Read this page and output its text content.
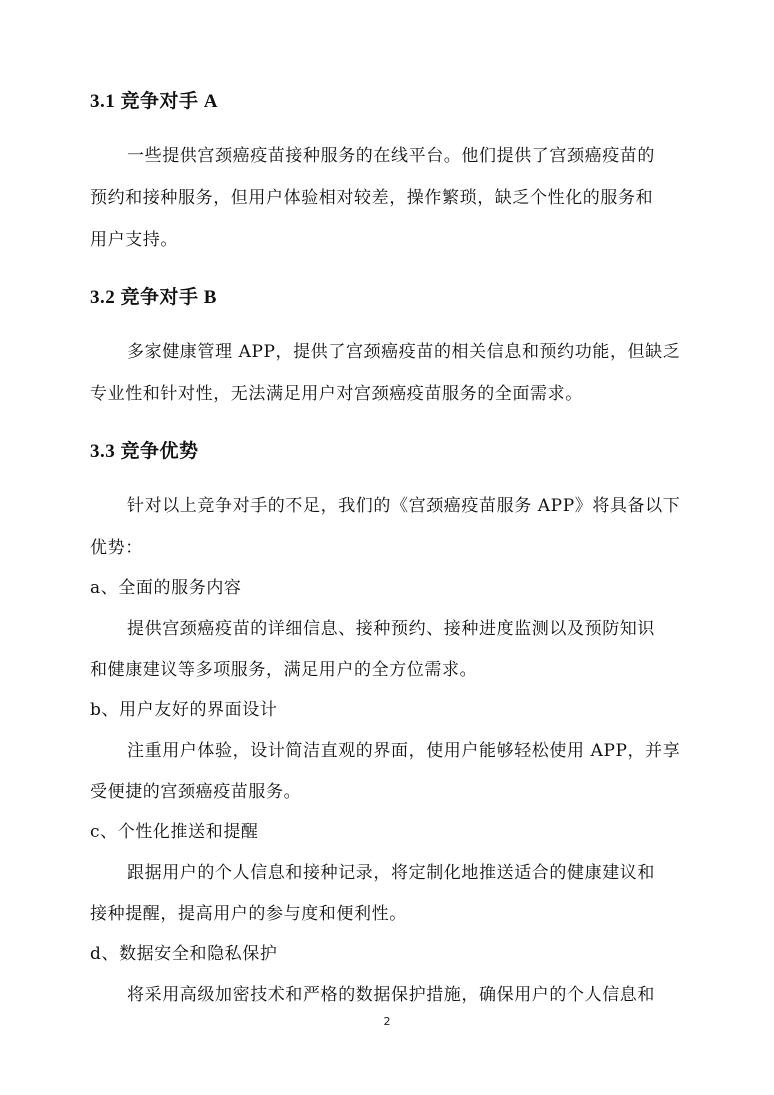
3.1 竞争对手 A
一些提供宫颈癌疫苗接种服务的在线平台。他们提供了宫颈癌疫苗的
预约和接种服务，但用户体验相对较差，操作繁琐，缺乏个性化的服务和
用户支持。
3.2 竞争对手 B
多家健康管理 APP，提供了宫颈癌疫苗的相关信息和预约功能，但缺乏
专业性和针对性，无法满足用户对宫颈癌疫苗服务的全面需求。
3.3 竞争优势
针对以上竞争对手的不足，我们的《宫颈癌疫苗服务 APP》将具备以下
优势：
a、全面的服务内容
提供宫颈癌疫苗的详细信息、接种预约、接种进度监测以及预防知识
和健康建议等多项服务，满足用户的全方位需求。
b、用户友好的界面设计
注重用户体验，设计简洁直观的界面，使用户能够轻松使用 APP，并享
受便捷的宫颈癌疫苗服务。
c、个性化推送和提醒
跟据用户的个人信息和接种记录，将定制化地推送适合的健康建议和
接种提醒，提高用户的参与度和便利性。
d、数据安全和隐私保护
将采用高级加密技术和严格的数据保护措施，确保用户的个人信息和
2
